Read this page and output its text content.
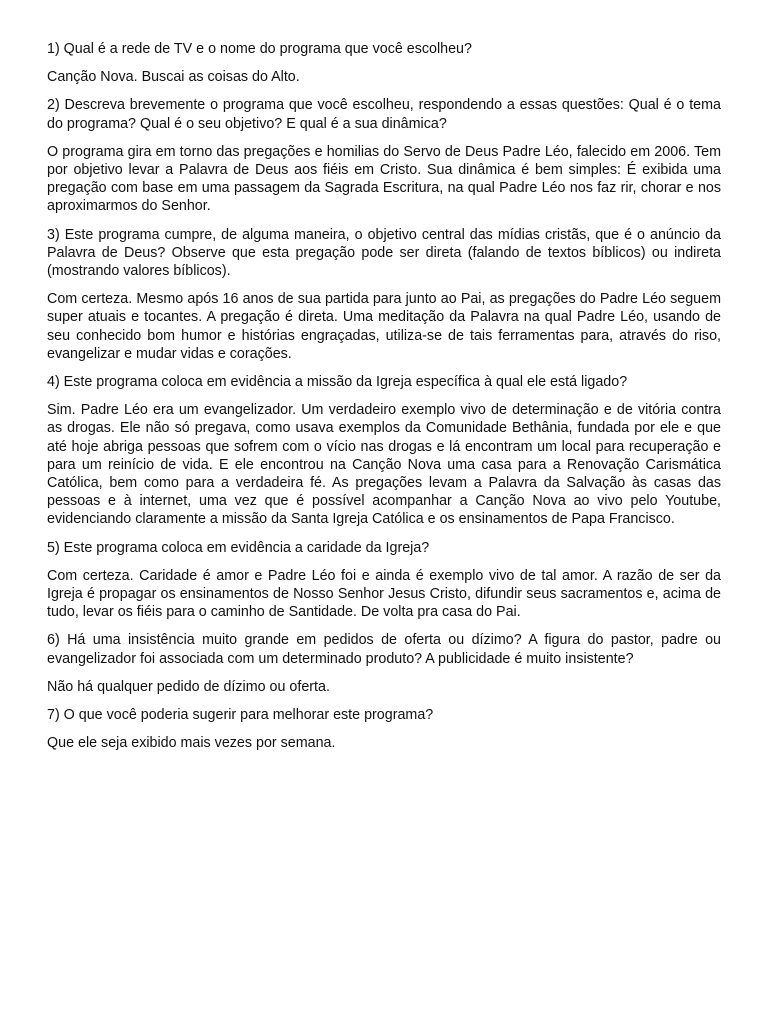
1) Qual é a rede de TV e o nome do programa que você escolheu?

Canção Nova. Buscai as coisas do Alto.

2) Descreva brevemente o programa que você escolheu, respondendo a essas questões: Qual é o tema do programa? Qual é o seu objetivo? E qual é a sua dinâmica?

O programa gira em torno das pregações e homilias do Servo de Deus Padre Léo, falecido em 2006. Tem por objetivo levar a Palavra de Deus aos fiéis em Cristo. Sua dinâmica é bem simples: É exibida uma pregação com base em uma passagem da Sagrada Escritura, na qual Padre Léo nos faz rir, chorar e nos aproximarmos do Senhor.

3) Este programa cumpre, de alguma maneira, o objetivo central das mídias cristãs, que é o anúncio da Palavra de Deus? Observe que esta pregação pode ser direta (falando de textos bíblicos) ou indireta (mostrando valores bíblicos).

Com certeza. Mesmo após 16 anos de sua partida para junto ao Pai, as pregações do Padre Léo seguem super atuais e tocantes. A pregação é direta. Uma meditação da Palavra na qual Padre Léo, usando de seu conhecido bom humor e histórias engraçadas, utiliza-se de tais ferramentas para, através do riso, evangelizar e mudar vidas e corações.

4) Este programa coloca em evidência a missão da Igreja específica à qual ele está ligado?

Sim. Padre Léo era um evangelizador. Um verdadeiro exemplo vivo de determinação e de vitória contra as drogas. Ele não só pregava, como usava exemplos da Comunidade Bethânia, fundada por ele e que até hoje abriga pessoas que sofrem com o vício nas drogas e lá encontram um local para recuperação e para um reinício de vida. E ele encontrou na Canção Nova uma casa para a Renovação Carismática Católica, bem como para a verdadeira fé. As pregações levam a Palavra da Salvação às casas das pessoas e à internet, uma vez que é possível acompanhar a Canção Nova ao vivo pelo Youtube, evidenciando claramente a missão da Santa Igreja Católica e os ensinamentos de Papa Francisco.

5) Este programa coloca em evidência a caridade da Igreja?

Com certeza. Caridade é amor e Padre Léo foi e ainda é exemplo vivo de tal amor. A razão de ser da Igreja é propagar os ensinamentos de Nosso Senhor Jesus Cristo, difundir seus sacramentos e, acima de tudo, levar os fiéis para o caminho de Santidade. De volta pra casa do Pai.

6) Há uma insistência muito grande em pedidos de oferta ou dízimo? A figura do pastor, padre ou evangelizador foi associada com um determinado produto? A publicidade é muito insistente?

Não há qualquer pedido de dízimo ou oferta.

7) O que você poderia sugerir para melhorar este programa?

Que ele seja exibido mais vezes por semana.
